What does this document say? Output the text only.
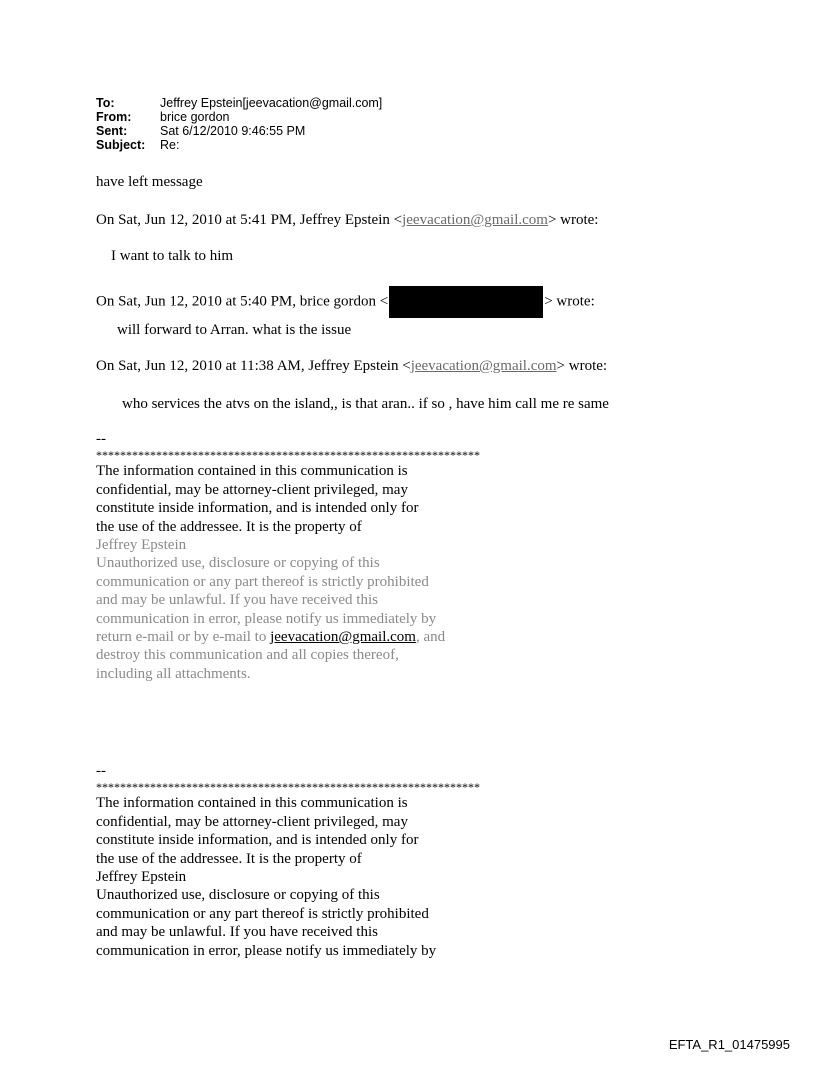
To:	Jeffrey Epstein[jeevacation@gmail.com]
From:	brice gordon
Sent:	Sat 6/12/2010 9:46:55 PM
Subject:	Re:
have left message
On Sat, Jun 12, 2010 at 5:41 PM, Jeffrey Epstein <jeevacation@gmail.com> wrote:
I want to talk to him
On Sat, Jun 12, 2010 at 5:40 PM, brice gordon <	> wrote:
will forward to Arran. what is the issue
On Sat, Jun 12, 2010 at 11:38 AM, Jeffrey Epstein <jeevacation@gmail.com> wrote:
who services the atvs on the island,, is that aran.. if so , have him call me re same
--
****************************************************************
The information contained in this communication is
confidential, may be attorney-client privileged, may
constitute inside information, and is intended only for
the use of the addressee. It is the property of
Jeffrey Epstein
Unauthorized use, disclosure or copying of this
communication or any part thereof is strictly prohibited
and may be unlawful. If you have received this
communication in error, please notify us immediately by
return e-mail or by e-mail to jeevacation@gmail.com, and
destroy this communication and all copies thereof,
including all attachments.
--
****************************************************************
The information contained in this communication is
confidential, may be attorney-client privileged, may
constitute inside information, and is intended only for
the use of the addressee. It is the property of
Jeffrey Epstein
Unauthorized use, disclosure or copying of this
communication or any part thereof is strictly prohibited
and may be unlawful. If you have received this
communication in error, please notify us immediately by
EFTA_R1_01475995
